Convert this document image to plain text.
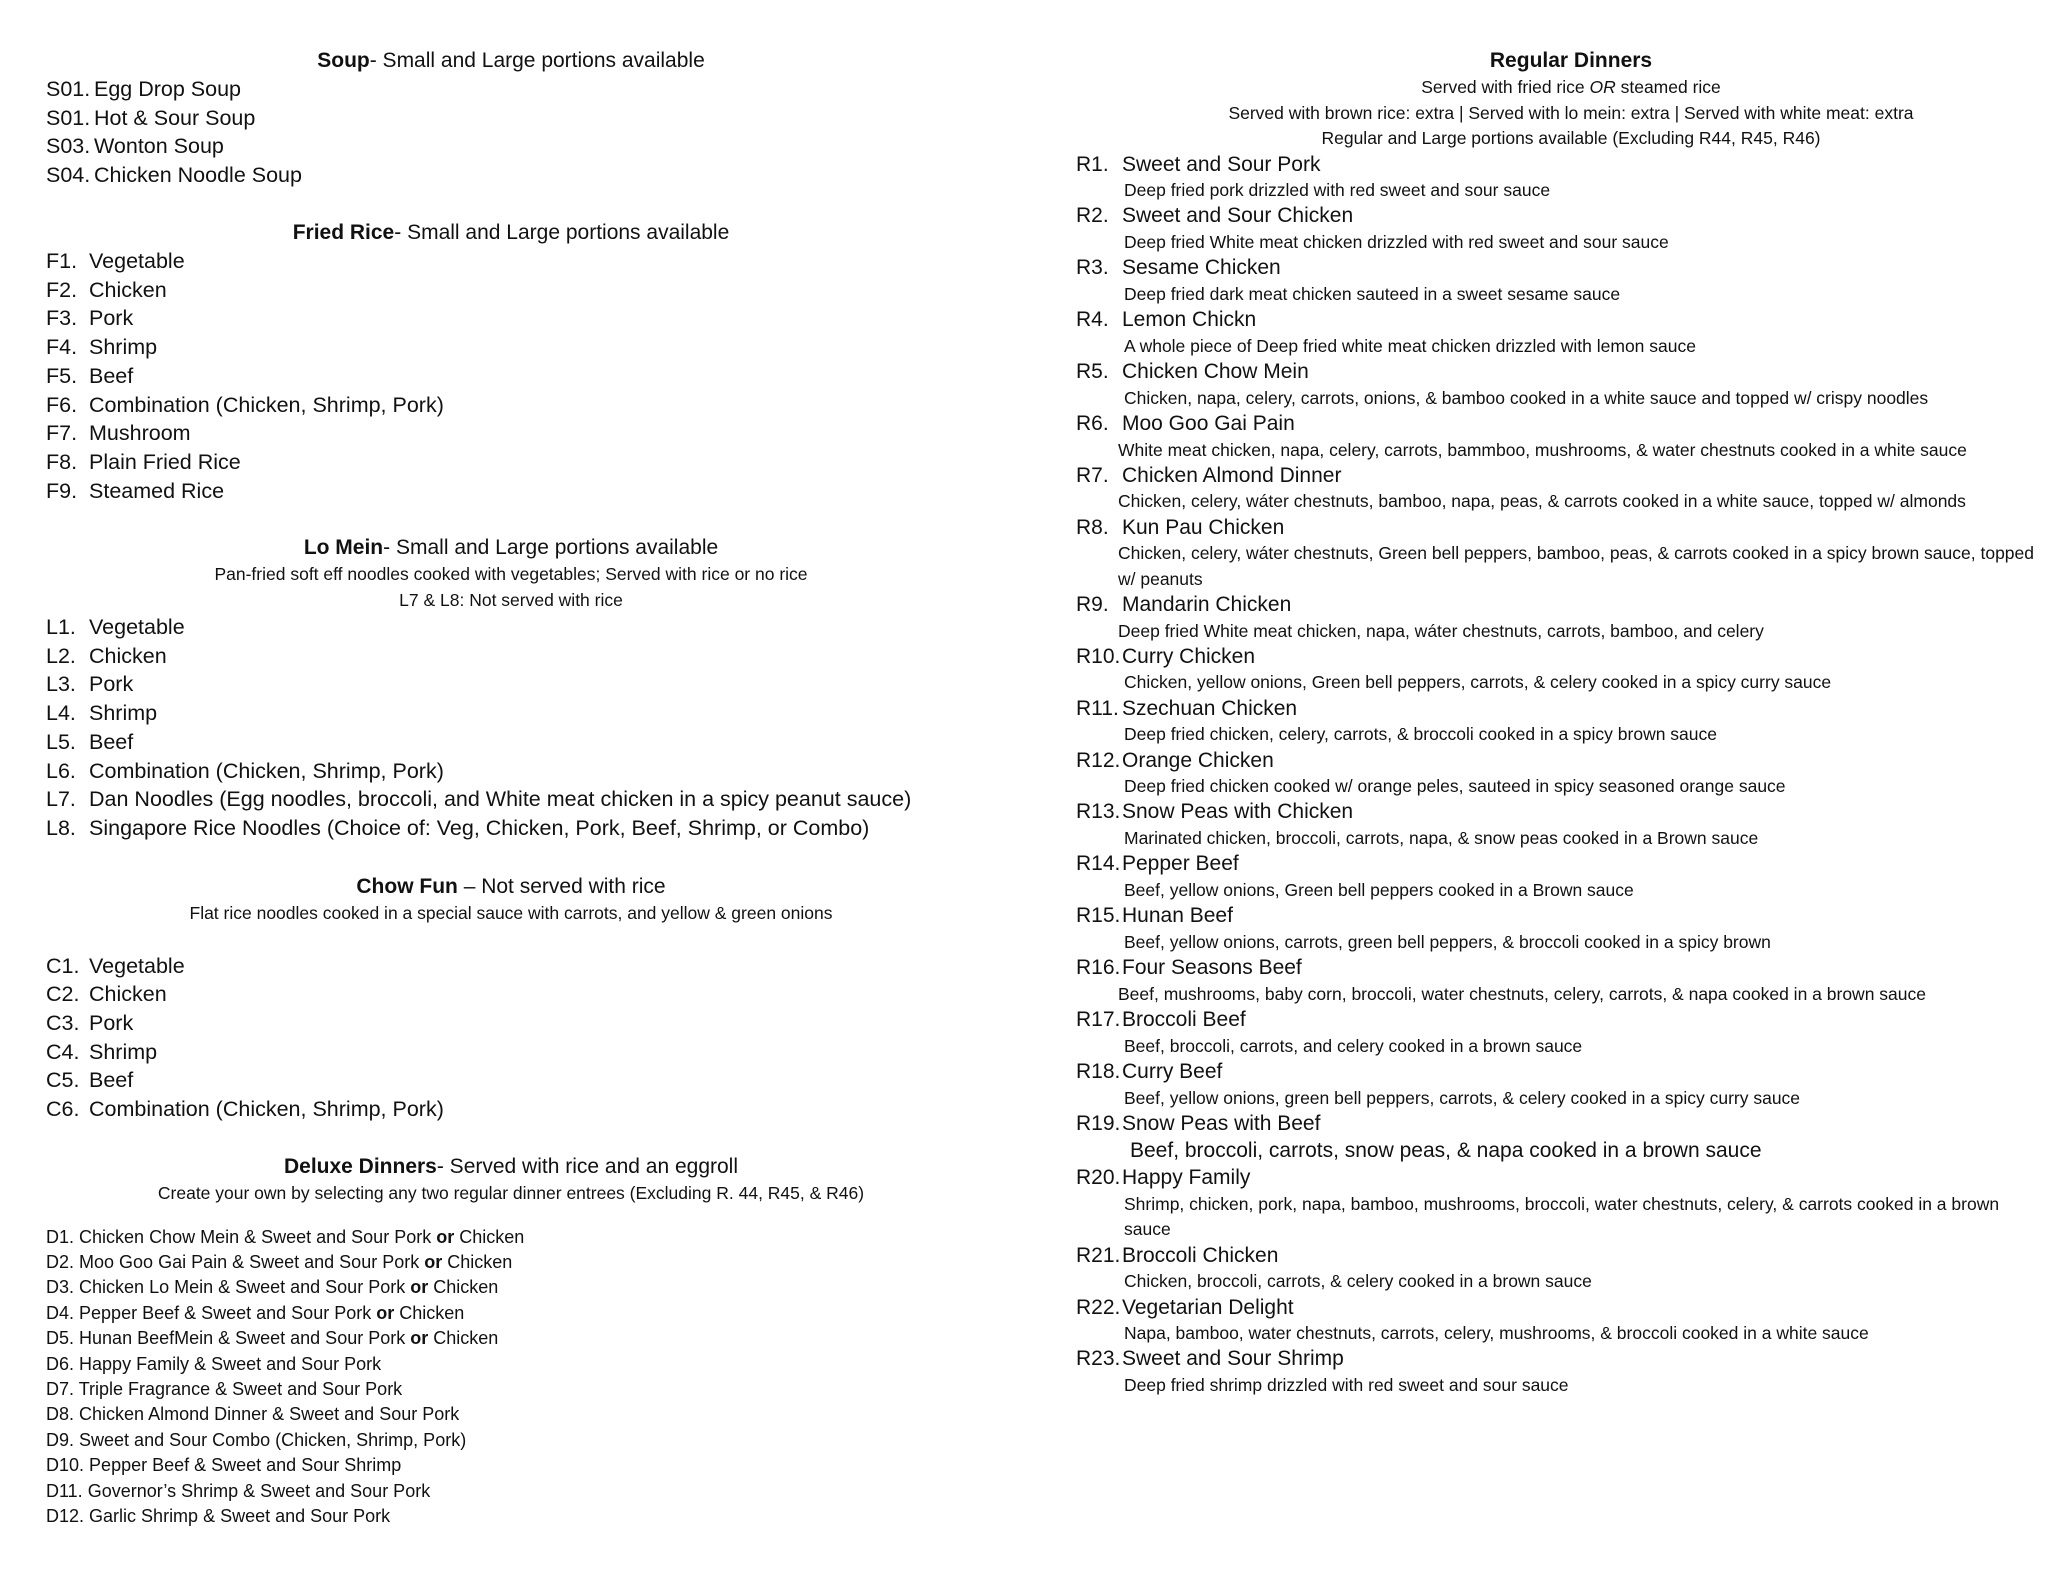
Soup- Small and Large portions available
S01. Egg Drop Soup
S01. Hot & Sour Soup
S03. Wonton Soup
S04. Chicken Noodle Soup
Fried Rice- Small and Large portions available
F1. Vegetable
F2. Chicken
F3. Pork
F4. Shrimp
F5. Beef
F6. Combination (Chicken, Shrimp, Pork)
F7. Mushroom
F8. Plain Fried Rice
F9. Steamed Rice
Lo Mein- Small and Large portions available
Pan-fried soft eff noodles cooked with vegetables; Served with rice or no rice
L7 & L8: Not served with rice
L1. Vegetable
L2. Chicken
L3. Pork
L4. Shrimp
L5. Beef
L6. Combination (Chicken, Shrimp, Pork)
L7. Dan Noodles (Egg noodles, broccoli, and White meat chicken in a spicy peanut sauce)
L8. Singapore Rice Noodles (Choice of: Veg, Chicken, Pork, Beef, Shrimp, or Combo)
Chow Fun – Not served with rice
Flat rice noodles cooked in a special sauce with carrots, and yellow & green onions
C1. Vegetable
C2. Chicken
C3. Pork
C4. Shrimp
C5. Beef
C6. Combination (Chicken, Shrimp, Pork)
Deluxe Dinners- Served with rice and an eggroll
Create your own by selecting any two regular dinner entrees (Excluding R. 44, R45, & R46)
D1. Chicken Chow Mein & Sweet and Sour Pork or Chicken
D2. Moo Goo Gai Pain & Sweet and Sour Pork or Chicken
D3. Chicken Lo Mein & Sweet and Sour Pork or Chicken
D4. Pepper Beef & Sweet and Sour Pork or Chicken
D5. Hunan BeefMein & Sweet and Sour Pork or Chicken
D6. Happy Family & Sweet and Sour Pork
D7. Triple Fragrance & Sweet and Sour Pork
D8. Chicken Almond Dinner & Sweet and Sour Pork
D9. Sweet and Sour Combo (Chicken, Shrimp, Pork)
D10. Pepper Beef & Sweet and Sour Shrimp
D11. Governor’s Shrimp & Sweet and Sour Pork
D12. Garlic Shrimp & Sweet and Sour Pork
Regular Dinners
Served with fried rice OR steamed rice
Served with brown rice: extra | Served with lo mein: extra | Served with white meat: extra
Regular and Large portions available (Excluding R44, R45, R46)
R1. Sweet and Sour Pork
Deep fried pork drizzled with red sweet and sour sauce
R2. Sweet and Sour Chicken
Deep fried White meat chicken drizzled with red sweet and sour sauce
R3. Sesame Chicken
Deep fried dark meat chicken sauteed in a sweet sesame sauce
R4. Lemon Chickn
A whole piece of Deep fried white meat chicken drizzled with lemon sauce
R5. Chicken Chow Mein
Chicken, napa, celery, carrots, onions, & bamboo cooked in a white sauce and topped w/ crispy noodles
R6. Moo Goo Gai Pain
White meat chicken, napa, celery, carrots, bammboo, mushrooms, & water chestnuts cooked in a white sauce
R7. Chicken Almond Dinner
Chicken, celery, wáter chestnuts, bamboo, napa, peas, & carrots cooked in a white sauce, topped w/ almonds
R8. Kun Pau Chicken
Chicken, celery, wáter chestnuts, Green bell peppers, bamboo, peas, & carrots cooked in a spicy brown sauce, topped w/ peanuts
R9. Mandarin Chicken
Deep fried White meat chicken, napa, wáter chestnuts, carrots, bamboo, and celery
R10.Curry Chicken
Chicken, yellow onions, Green bell peppers, carrots, & celery cooked in a spicy curry sauce
R11. Szechuan Chicken
Deep fried chicken, celery, carrots, & broccoli cooked in a spicy brown sauce
R12.Orange Chicken
Deep fried chicken cooked w/ orange peles, sauteed in spicy seasoned orange sauce
R13.Snow Peas with Chicken
Marinated chicken, broccoli, carrots, napa, & snow peas cooked in a Brown sauce
R14.Pepper Beef
Beef, yellow onions, Green bell peppers cooked in a Brown sauce
R15.Hunan Beef
Beef, yellow onions, carrots, green bell peppers, & broccoli cooked in a spicy brown
R16.Four Seasons Beef
Beef, mushrooms, baby corn, broccoli, water chestnuts, celery, carrots, & napa cooked in a brown sauce
R17.Broccoli Beef
Beef, broccoli, carrots, and celery cooked in a brown sauce
R18.Curry Beef
Beef, yellow onions, green bell peppers, carrots, & celery cooked in a spicy curry sauce
R19.Snow Peas with Beef
Beef, broccoli, carrots, snow peas, & napa cooked in a brown sauce
R20.Happy Family
Shrimp, chicken, pork, napa, bamboo, mushrooms, broccoli, water chestnuts, celery, & carrots cooked in a brown sauce
R21.Broccoli Chicken
Chicken, broccoli, carrots, & celery cooked in a brown sauce
R22.Vegetarian Delight
Napa, bamboo, water chestnuts, carrots, celery, mushrooms, & broccoli cooked in a white sauce
R23.Sweet and Sour Shrimp
Deep fried shrimp drizzled with red sweet and sour sauce
